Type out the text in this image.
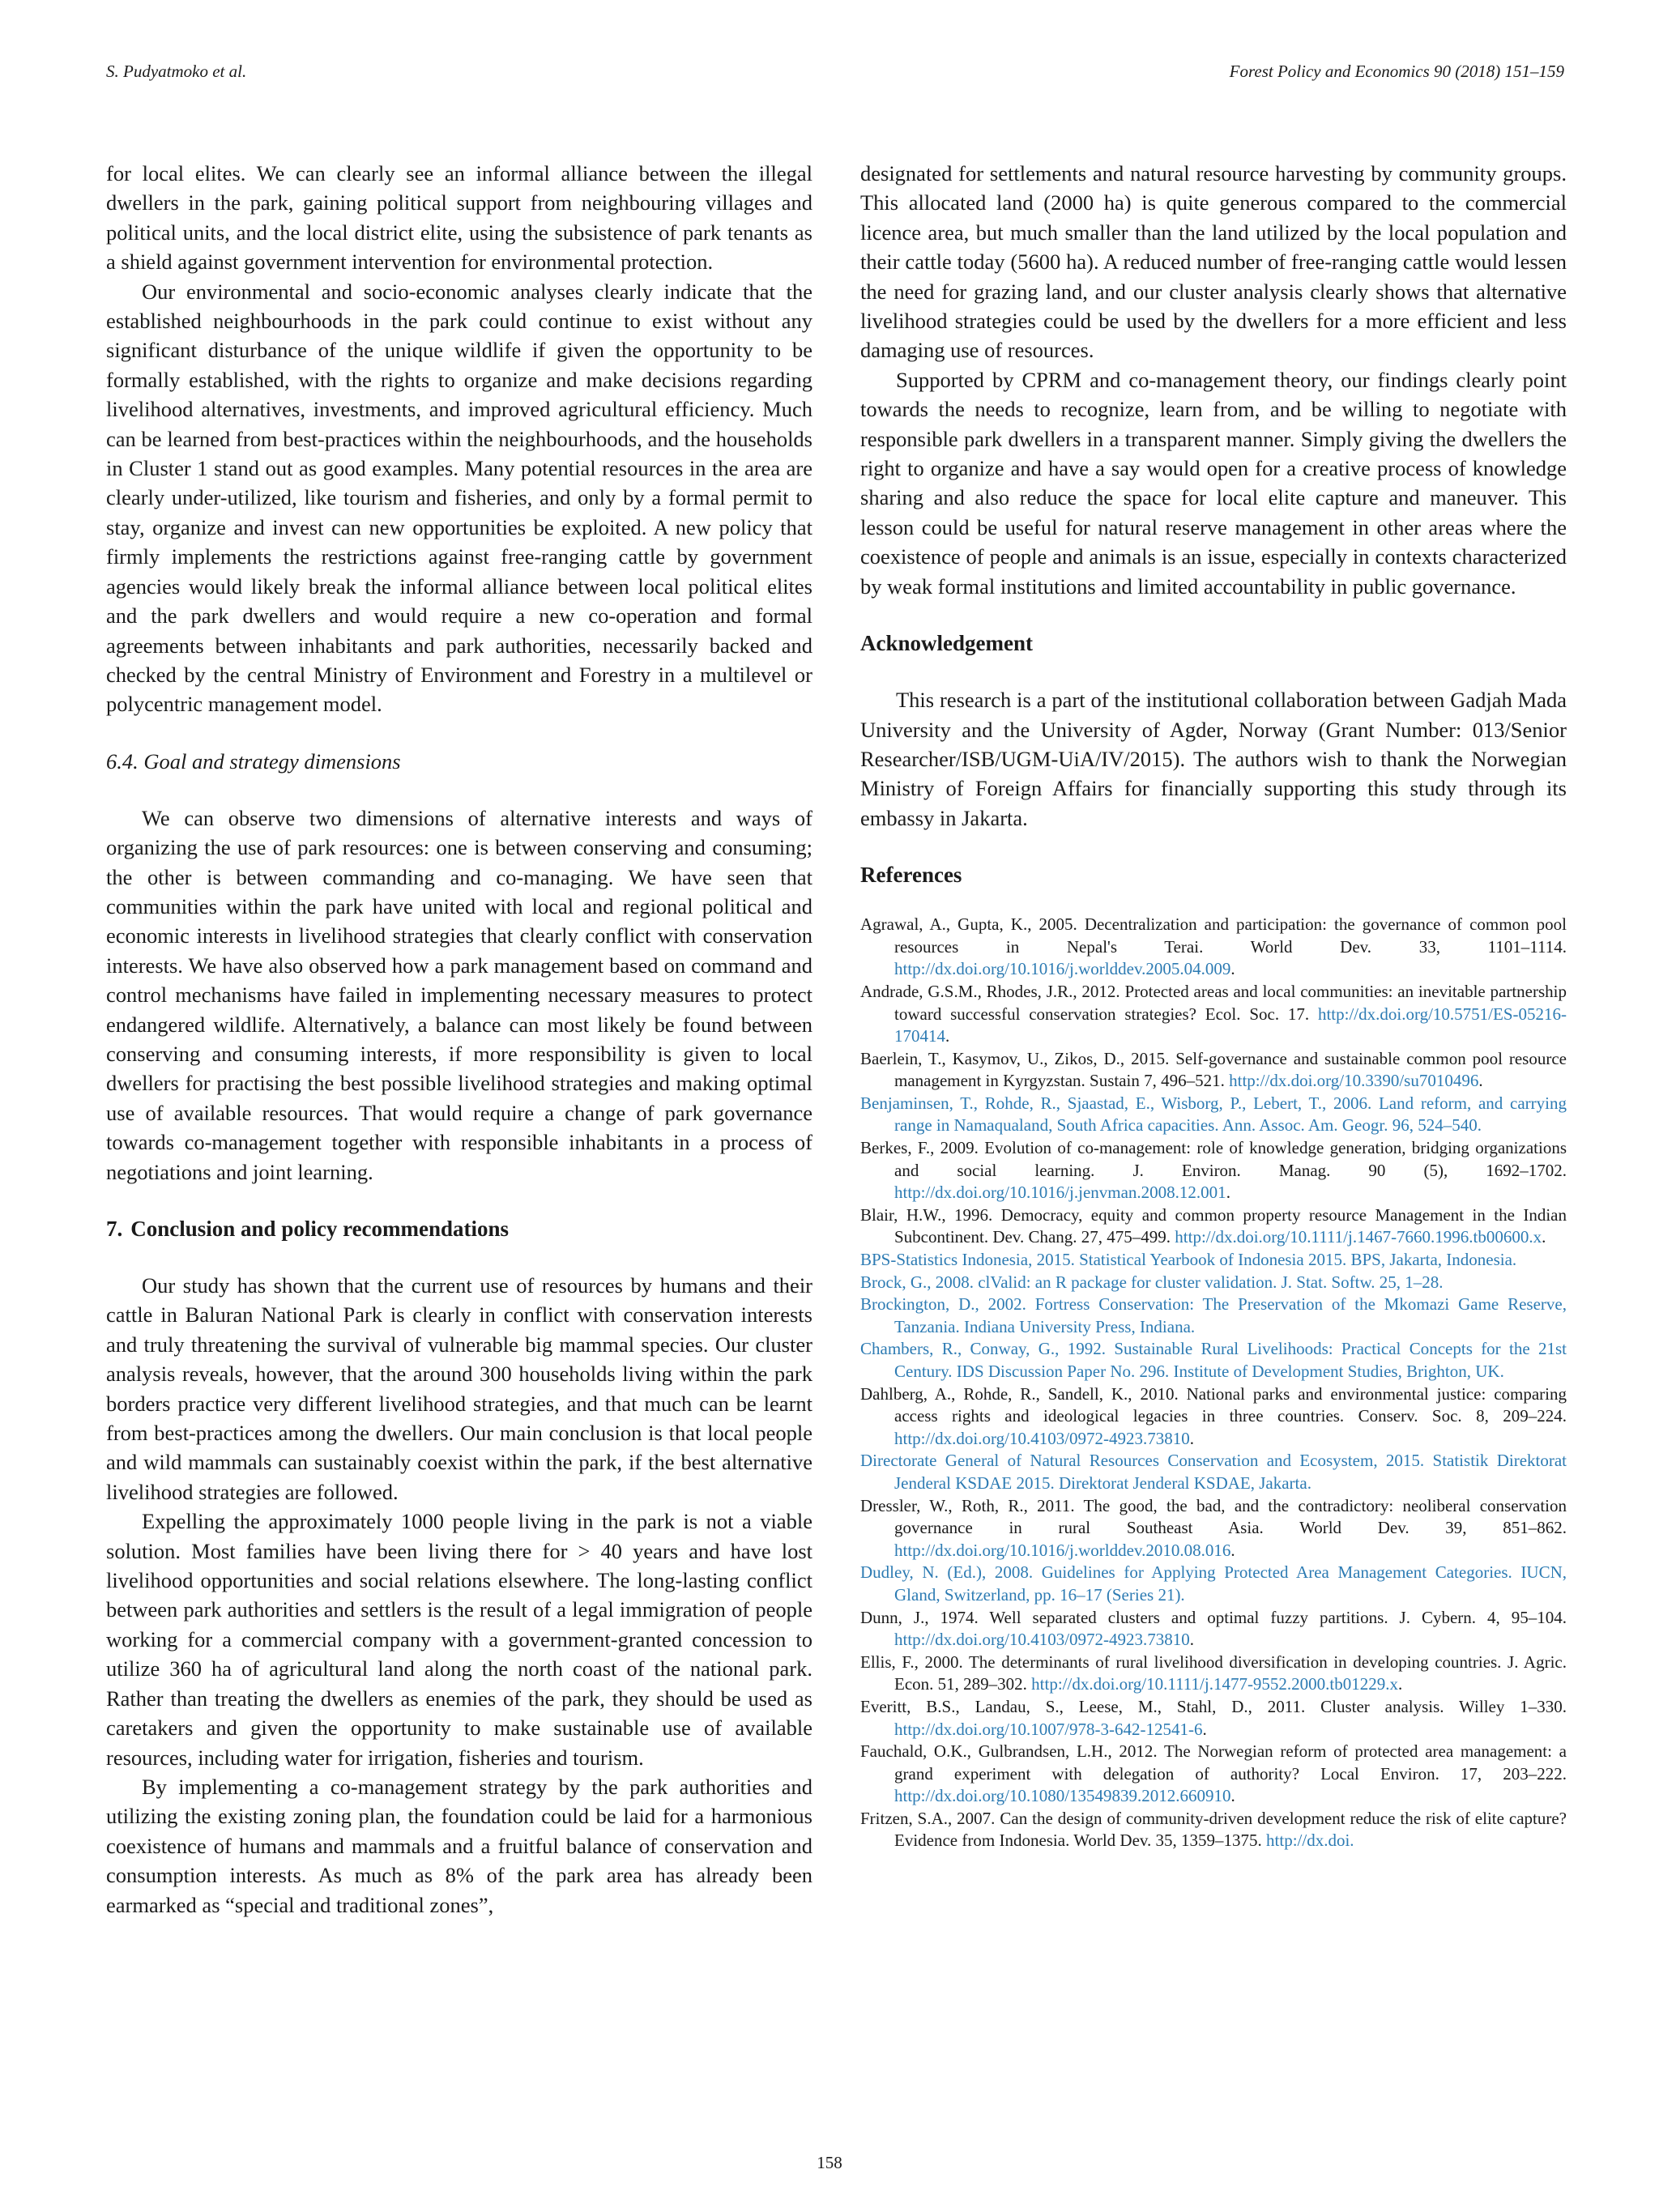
S. Pudyatmoko et al.	Forest Policy and Economics 90 (2018) 151–159

for local elites. We can clearly see an informal alliance between the illegal dwellers in the park, gaining political support from neighbouring villages and political units, and the local district elite, using the subsistence of park tenants as a shield against government intervention for environmental protection.

Our environmental and socio-economic analyses clearly indicate that the established neighbourhoods in the park could continue to exist without any significant disturbance of the unique wildlife if given the opportunity to be formally established, with the rights to organize and make decisions regarding livelihood alternatives, investments, and improved agricultural efficiency. Much can be learned from best-practices within the neighbourhoods, and the households in Cluster 1 stand out as good examples. Many potential resources in the area are clearly under-utilized, like tourism and fisheries, and only by a formal permit to stay, organize and invest can new opportunities be exploited. A new policy that firmly implements the restrictions against free-ranging cattle by government agencies would likely break the informal alliance between local political elites and the park dwellers and would require a new co-operation and formal agreements between inhabitants and park authorities, necessarily backed and checked by the central Ministry of Environment and Forestry in a multilevel or polycentric management model.

6.4. Goal and strategy dimensions

We can observe two dimensions of alternative interests and ways of organizing the use of park resources: one is between conserving and consuming; the other is between commanding and co-managing. We have seen that communities within the park have united with local and regional political and economic interests in livelihood strategies that clearly conflict with conservation interests. We have also observed how a park management based on command and control mechanisms have failed in implementing necessary measures to protect endangered wildlife. Alternatively, a balance can most likely be found between conserving and consuming interests, if more responsibility is given to local dwellers for practising the best possible livelihood strategies and making optimal use of available resources. That would require a change of park governance towards co-management together with responsible inhabitants in a process of negotiations and joint learning.

7. Conclusion and policy recommendations

Our study has shown that the current use of resources by humans and their cattle in Baluran National Park is clearly in conflict with conservation interests and truly threatening the survival of vulnerable big mammal species. Our cluster analysis reveals, however, that the around 300 households living within the park borders practice very different livelihood strategies, and that much can be learnt from best-practices among the dwellers. Our main conclusion is that local people and wild mammals can sustainably coexist within the park, if the best alternative livelihood strategies are followed.

Expelling the approximately 1000 people living in the park is not a viable solution. Most families have been living there for > 40 years and have lost livelihood opportunities and social relations elsewhere. The long-lasting conflict between park authorities and settlers is the result of a legal immigration of people working for a commercial company with a government-granted concession to utilize 360 ha of agricultural land along the north coast of the national park. Rather than treating the dwellers as enemies of the park, they should be used as caretakers and given the opportunity to make sustainable use of available resources, including water for irrigation, fisheries and tourism.

By implementing a co-management strategy by the park authorities and utilizing the existing zoning plan, the foundation could be laid for a harmonious coexistence of humans and mammals and a fruitful balance of conservation and consumption interests. As much as 8% of the park area has already been earmarked as “special and traditional zones”,

designated for settlements and natural resource harvesting by community groups. This allocated land (2000 ha) is quite generous compared to the commercial licence area, but much smaller than the land utilized by the local population and their cattle today (5600 ha). A reduced number of free-ranging cattle would lessen the need for grazing land, and our cluster analysis clearly shows that alternative livelihood strategies could be used by the dwellers for a more efficient and less damaging use of resources.

Supported by CPRM and co-management theory, our findings clearly point towards the needs to recognize, learn from, and be willing to negotiate with responsible park dwellers in a transparent manner. Simply giving the dwellers the right to organize and have a say would open for a creative process of knowledge sharing and also reduce the space for local elite capture and maneuver. This lesson could be useful for natural reserve management in other areas where the coexistence of people and animals is an issue, especially in contexts characterized by weak formal institutions and limited accountability in public governance.

Acknowledgement

This research is a part of the institutional collaboration between Gadjah Mada University and the University of Agder, Norway (Grant Number: 013/Senior Researcher/ISB/UGM-UiA/IV/2015). The authors wish to thank the Norwegian Ministry of Foreign Affairs for financially supporting this study through its embassy in Jakarta.

References
Agrawal, A., Gupta, K., 2005. Decentralization and participation: the governance of common pool resources in Nepal's Terai. World Dev. 33, 1101–1114. http://dx.doi.org/10.1016/j.worlddev.2005.04.009.
Andrade, G.S.M., Rhodes, J.R., 2012. Protected areas and local communities: an inevitable partnership toward successful conservation strategies? Ecol. Soc. 17. http://dx.doi.org/10.5751/ES-05216-170414.
Baerlein, T., Kasymov, U., Zikos, D., 2015. Self-governance and sustainable common pool resource management in Kyrgyzstan. Sustain 7, 496–521. http://dx.doi.org/10.3390/su7010496.
Benjaminsen, T., Rohde, R., Sjaastad, E., Wisborg, P., Lebert, T., 2006. Land reform, and carrying range in Namaqualand, South Africa capacities. Ann. Assoc. Am. Geogr. 96, 524–540.
Berkes, F., 2009. Evolution of co-management: role of knowledge generation, bridging organizations and social learning. J. Environ. Manag. 90 (5), 1692–1702. http://dx.doi.org/10.1016/j.jenvman.2008.12.001.
Blair, H.W., 1996. Democracy, equity and common property resource Management in the Indian Subcontinent. Dev. Chang. 27, 475–499. http://dx.doi.org/10.1111/j.1467-7660.1996.tb00600.x.
BPS-Statistics Indonesia, 2015. Statistical Yearbook of Indonesia 2015. BPS, Jakarta, Indonesia.
Brock, G., 2008. clValid: an R package for cluster validation. J. Stat. Softw. 25, 1–28.
Brockington, D., 2002. Fortress Conservation: The Preservation of the Mkomazi Game Reserve, Tanzania. Indiana University Press, Indiana.
Chambers, R., Conway, G., 1992. Sustainable Rural Livelihoods: Practical Concepts for the 21st Century. IDS Discussion Paper No. 296. Institute of Development Studies, Brighton, UK.
Dahlberg, A., Rohde, R., Sandell, K., 2010. National parks and environmental justice: comparing access rights and ideological legacies in three countries. Conserv. Soc. 8, 209–224. http://dx.doi.org/10.4103/0972-4923.73810.
Directorate General of Natural Resources Conservation and Ecosystem, 2015. Statistik Direktorat Jenderal KSDAE 2015. Direktorat Jenderal KSDAE, Jakarta.
Dressler, W., Roth, R., 2011. The good, the bad, and the contradictory: neoliberal conservation governance in rural Southeast Asia. World Dev. 39, 851–862. http://dx.doi.org/10.1016/j.worlddev.2010.08.016.
Dudley, N. (Ed.), 2008. Guidelines for Applying Protected Area Management Categories. IUCN, Gland, Switzerland, pp. 16–17 (Series 21).
Dunn, J., 1974. Well separated clusters and optimal fuzzy partitions. J. Cybern. 4, 95–104. http://dx.doi.org/10.4103/0972-4923.73810.
Ellis, F., 2000. The determinants of rural livelihood diversification in developing countries. J. Agric. Econ. 51, 289–302. http://dx.doi.org/10.1111/j.1477-9552.2000.tb01229.x.
Everitt, B.S., Landau, S., Leese, M., Stahl, D., 2011. Cluster analysis. Willey 1–330. http://dx.doi.org/10.1007/978-3-642-12541-6.
Fauchald, O.K., Gulbrandsen, L.H., 2012. The Norwegian reform of protected area management: a grand experiment with delegation of authority? Local Environ. 17, 203–222. http://dx.doi.org/10.1080/13549839.2012.660910.
Fritzen, S.A., 2007. Can the design of community-driven development reduce the risk of elite capture? Evidence from Indonesia. World Dev. 35, 1359–1375. http://dx.doi.
158
